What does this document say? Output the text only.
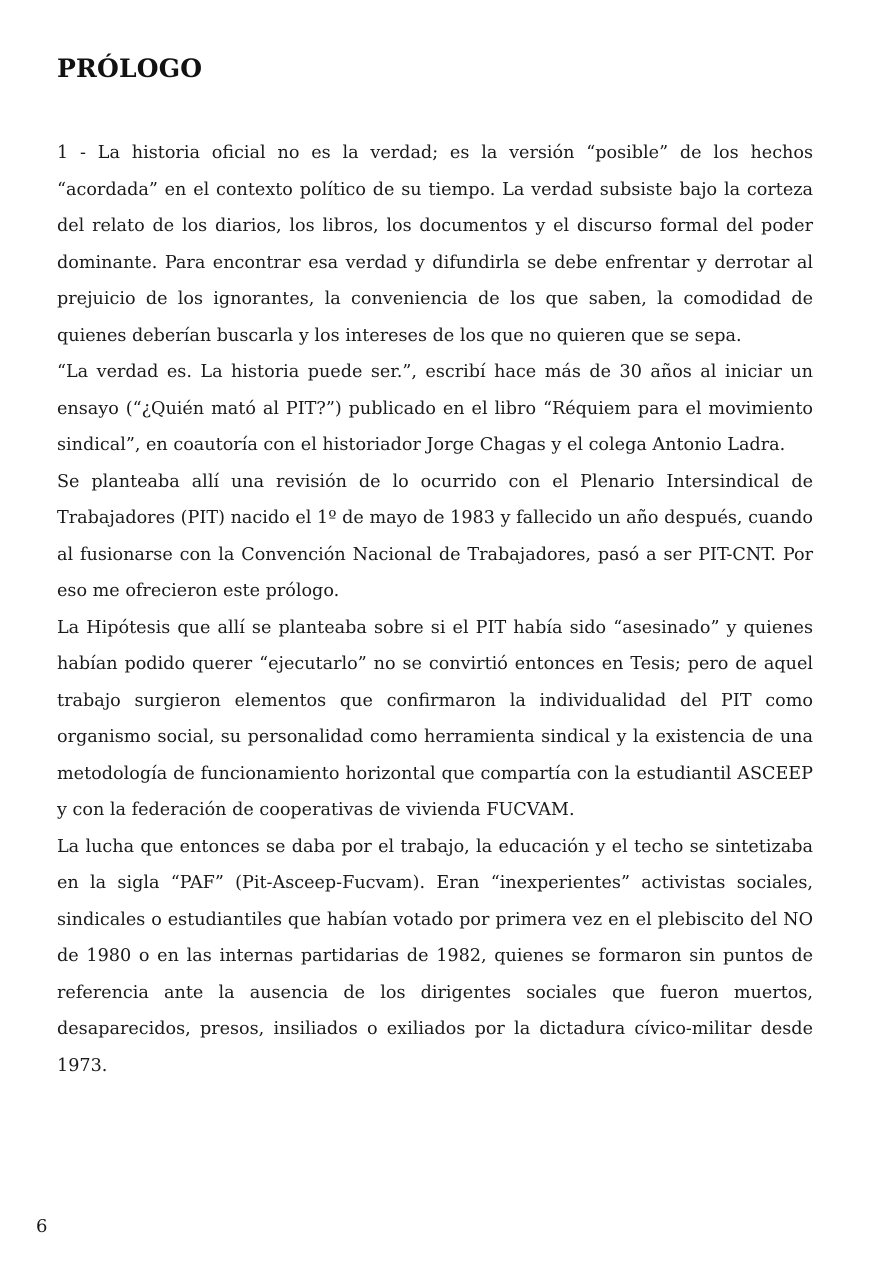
PRÓLOGO

1 - La historia oficial no es la verdad; es la versión “posible” de los hechos “acordada” en el contexto político de su tiempo. La verdad subsiste bajo la corteza del relato de los diarios, los libros, los documentos y el discurso formal del poder dominante. Para encontrar esa verdad y difundirla se debe enfrentar y derrotar al prejuicio de los ignorantes, la conveniencia de los que saben, la comodidad de quienes deberían buscarla y los intereses de los que no quieren que se sepa.

“La verdad es. La historia puede ser.”, escribí hace más de 30 años al iniciar un ensayo (“¿Quién mató al PIT?”) publicado en el libro “Réquiem para el movimiento sindical”, en coautoría con el historiador Jorge Chagas y el colega Antonio Ladra.

Se planteaba allí una revisión de lo ocurrido con el Plenario Intersindical de Trabajadores (PIT) nacido el 1º de mayo de 1983 y fallecido un año después, cuando al fusionarse con la Convención Nacional de Trabajadores, pasó a ser PIT-CNT. Por eso me ofrecieron este prólogo.

La Hipótesis que allí se planteaba sobre si el PIT había sido “asesinado” y quienes habían podido querer “ejecutarlo” no se convirtió entonces en Tesis; pero de aquel trabajo surgieron elementos que confirmaron la individualidad del PIT como organismo social, su personalidad como herramienta sindical y la existencia de una metodología de funcionamiento horizontal que compartía con la estudiantil ASCEEP y con la federación de cooperativas de vivienda FUCVAM.

La lucha que entonces se daba por el trabajo, la educación y el techo se sintetizaba en la sigla “PAF” (Pit-Asceep-Fucvam). Eran “inexperientes” activistas sociales, sindicales o estudiantiles que habían votado por primera vez en el plebiscito del NO de 1980 o en las internas partidarias de 1982, quienes se formaron sin puntos de referencia ante la ausencia de los dirigentes sociales que fueron muertos, desaparecidos, presos, insiliados o exiliados por la dictadura cívico-militar desde 1973.

6
